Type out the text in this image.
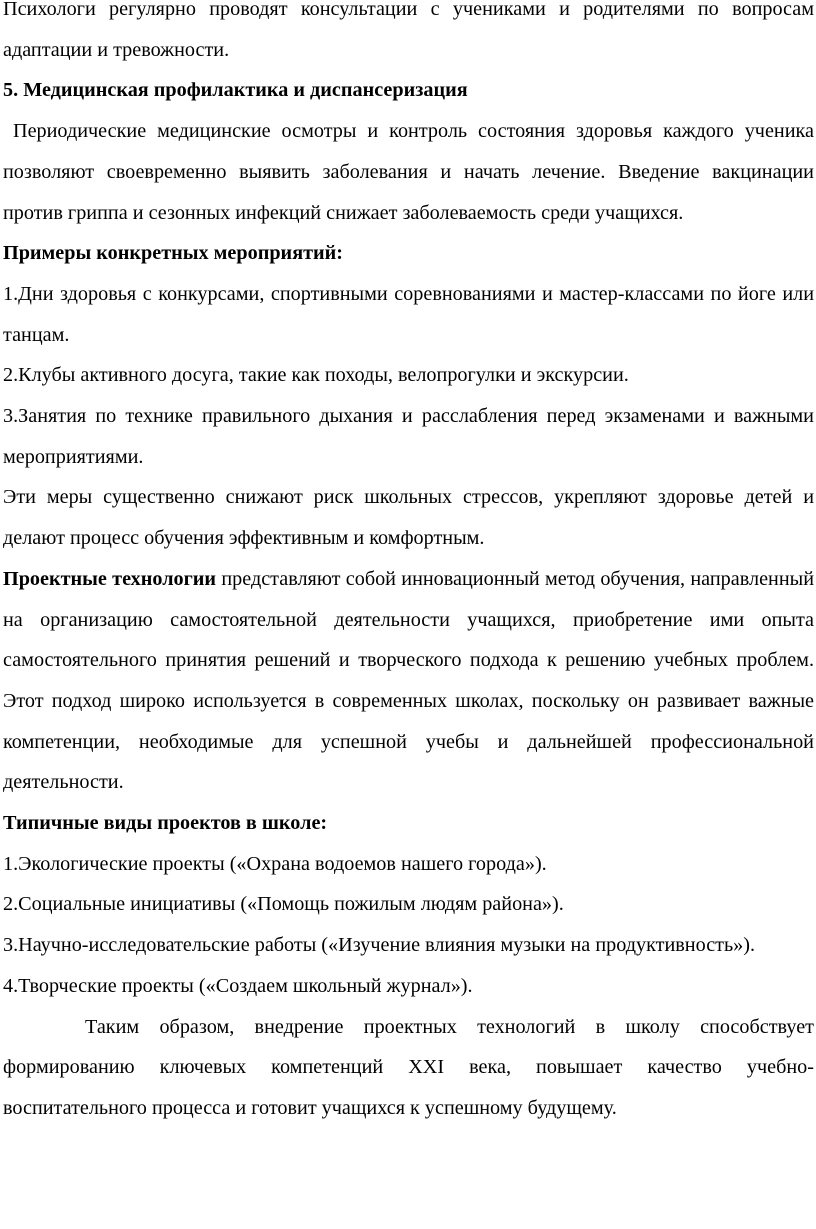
Психологи регулярно проводят консультации с учениками и родителями по вопросам адаптации и тревожности.

5. Медицинская профилактика и диспансеризация

Периодические медицинские осмотры и контроль состояния здоровья каждого ученика позволяют своевременно выявить заболевания и начать лечение. Введение вакцинации против гриппа и сезонных инфекций снижает заболеваемость среди учащихся.

Примеры конкретных мероприятий:

1.Дни здоровья с конкурсами, спортивными соревнованиями и мастер-классами по йоге или танцам.

2.Клубы активного досуга, такие как походы, велопрогулки и экскурсии.

3.Занятия по технике правильного дыхания и расслабления перед экзаменами и важными мероприятиями.

Эти меры существенно снижают риск школьных стрессов, укрепляют здоровье детей и делают процесс обучения эффективным и комфортным.

Проектные технологии представляют собой инновационный метод обучения, направленный на организацию самостоятельной деятельности учащихся, приобретение ими опыта самостоятельного принятия решений и творческого подхода к решению учебных проблем. Этот подход широко используется в современных школах, поскольку он развивает важные компетенции, необходимые для успешной учебы и дальнейшей профессиональной деятельности.

Типичные виды проектов в школе:

1.Экологические проекты («Охрана водоемов нашего города»).

2.Социальные инициативы («Помощь пожилым людям района»).

3.Научно-исследовательские работы («Изучение влияния музыки на продуктивность»).

4.Творческие проекты («Создаем школьный журнал»).

Таким образом, внедрение проектных технологий в школу способствует формированию ключевых компетенций XXI века, повышает качество учебно-воспитательного процесса и готовит учащихся к успешному будущему.
